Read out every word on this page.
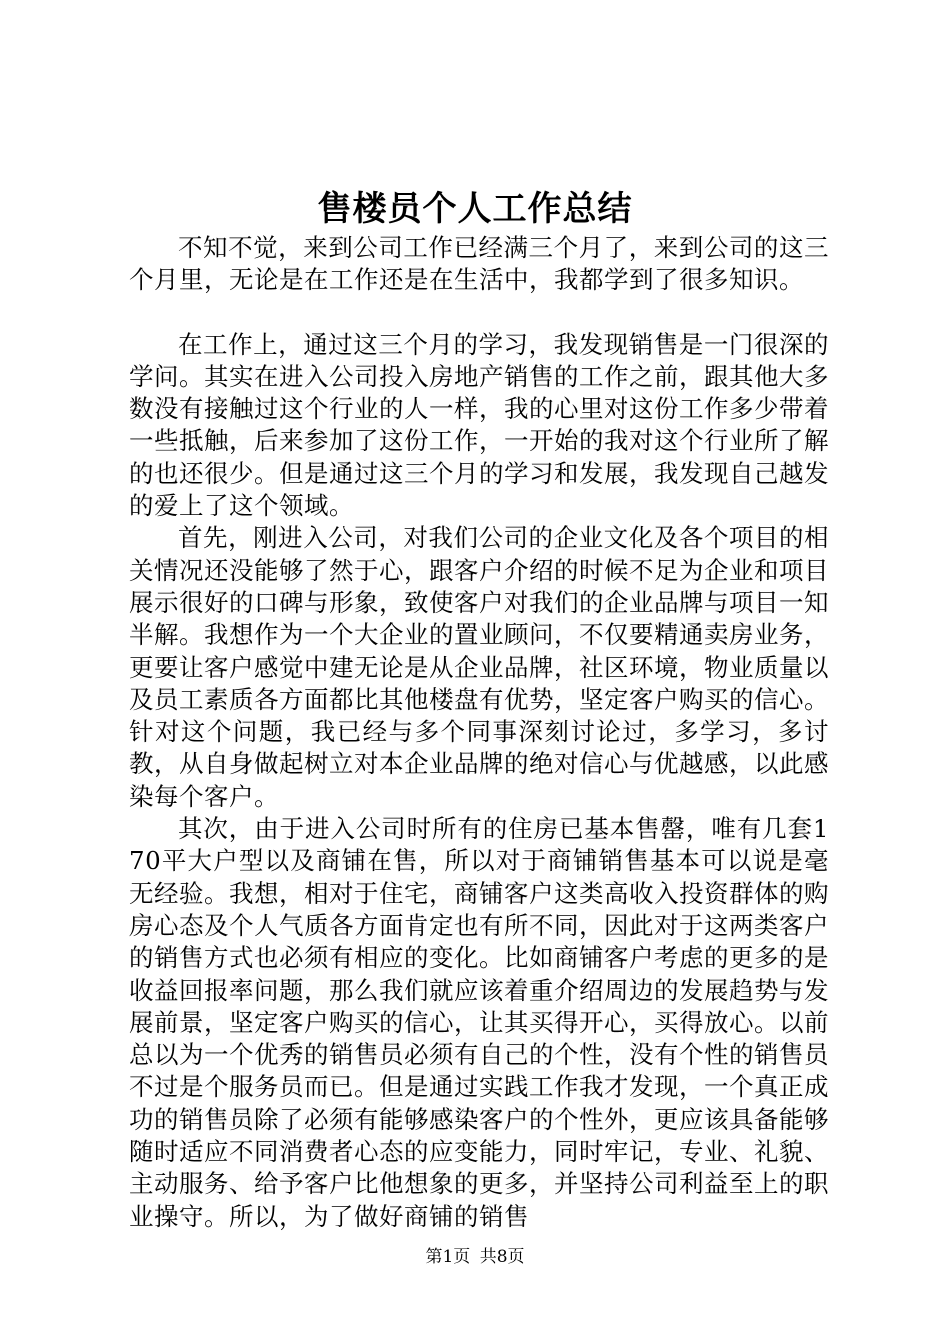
售楼员个人工作总结

不知不觉，来到公司工作已经满三个月了，来到公司的这三个月里，无论是在工作还是在生活中，我都学到了很多知识。

在工作上，通过这三个月的学习，我发现销售是一门很深的学问。其实在进入公司投入房地产销售的工作之前，跟其他大多数没有接触过这个行业的人一样，我的心里对这份工作多少带着一些抵触，后来参加了这份工作，一开始的我对这个行业所了解的也还很少。但是通过这三个月的学习和发展，我发现自己越发的爱上了这个领域。

首先，刚进入公司，对我们公司的企业文化及各个项目的相关情况还没能够了然于心，跟客户介绍的时候不足为企业和项目展示很好的口碑与形象，致使客户对我们的企业品牌与项目一知半解。我想作为一个大企业的置业顾问，不仅要精通卖房业务，更要让客户感觉中建无论是从企业品牌，社区环境，物业质量以及员工素质各方面都比其他楼盘有优势，坚定客户购买的信心。针对这个问题，我已经与多个同事深刻讨论过，多学习，多讨教，从自身做起树立对本企业品牌的绝对信心与优越感，以此感染每个客户。

其次，由于进入公司时所有的住房已基本售罄，唯有几套170平大户型以及商铺在售，所以对于商铺销售基本可以说是毫无经验。我想，相对于住宅，商铺客户这类高收入投资群体的购房心态及个人气质各方面肯定也有所不同，因此对于这两类客户的销售方式也必须有相应的变化。比如商铺客户考虑的更多的是收益回报率问题，那么我们就应该着重介绍周边的发展趋势与发展前景，坚定客户购买的信心，让其买得开心，买得放心。以前总以为一个优秀的销售员必须有自己的个性，没有个性的销售员不过是个服务员而已。但是通过实践工作我才发现，一个真正成功的销售员除了必须有能够感染客户的个性外，更应该具备能够随时适应不同消费者心态的应变能力，同时牢记，专业、礼貌、主动服务、给予客户比他想象的更多，并坚持公司利益至上的职业操守。所以，为了做好商铺的销售

第1页 共8页
